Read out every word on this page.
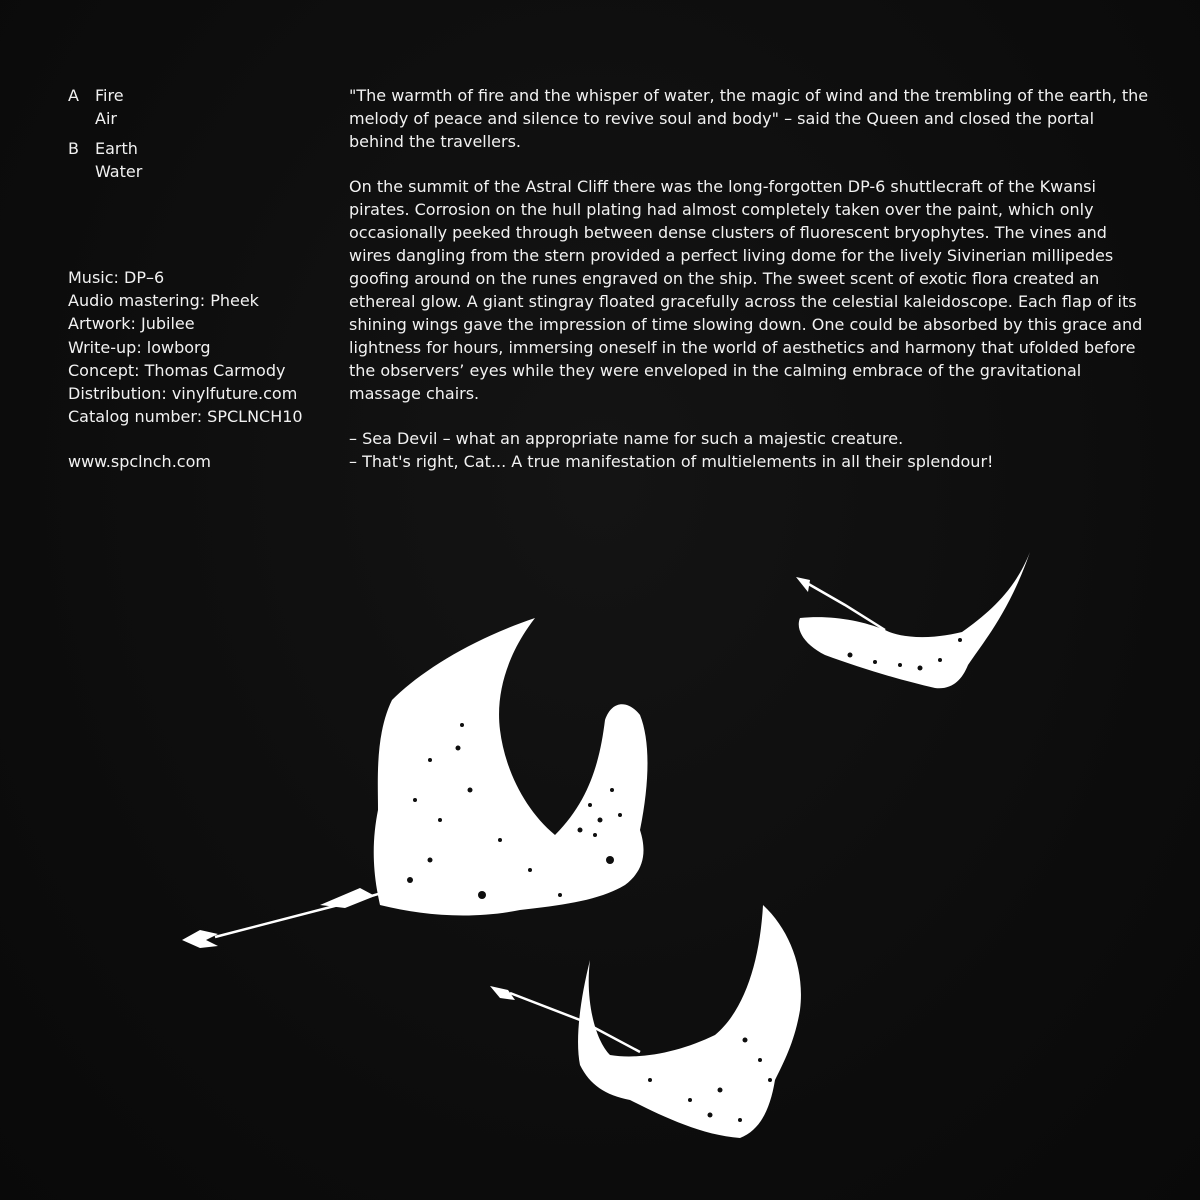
A	Fire
Air
B	Earth
Water
Music: DP–6
Audio mastering: Pheek
Artwork: Jubilee
Write-up: lowborg
Concept: Thomas Carmody
Distribution: vinylfuture.com
Catalog number: SPCLNCH10
www.spclnch.com

"The warmth of fire and the whisper of water, the magic of wind and the trembling of the earth, the melody of peace and silence to revive soul and body" – said the Queen and closed the portal behind the travellers.

On the summit of the Astral Cliff there was the long-forgotten DP-6 shuttlecraft of the Kwansi pirates. Corrosion on the hull plating had almost completely taken over the paint, which only occasionally peeked through between dense clusters of fluorescent bryophytes. The vines and wires dangling from the stern provided a perfect living dome for the lively Sivinerian millipedes goofing around on the runes engraved on the ship. The sweet scent of exotic flora created an ethereal glow. A giant stingray floated gracefully across the celestial kaleidoscope. Each flap of its shining wings gave the impression of time slowing down. One could be absorbed by this grace and lightness for hours, immersing oneself in the world of aesthetics and harmony that ufolded before the observers’ eyes while they were enveloped in the calming embrace of the gravitational massage chairs.

– Sea Devil – what an appropriate name for such a majestic creature.
– That's right, Cat... A true manifestation of multielements in all their splendour!
